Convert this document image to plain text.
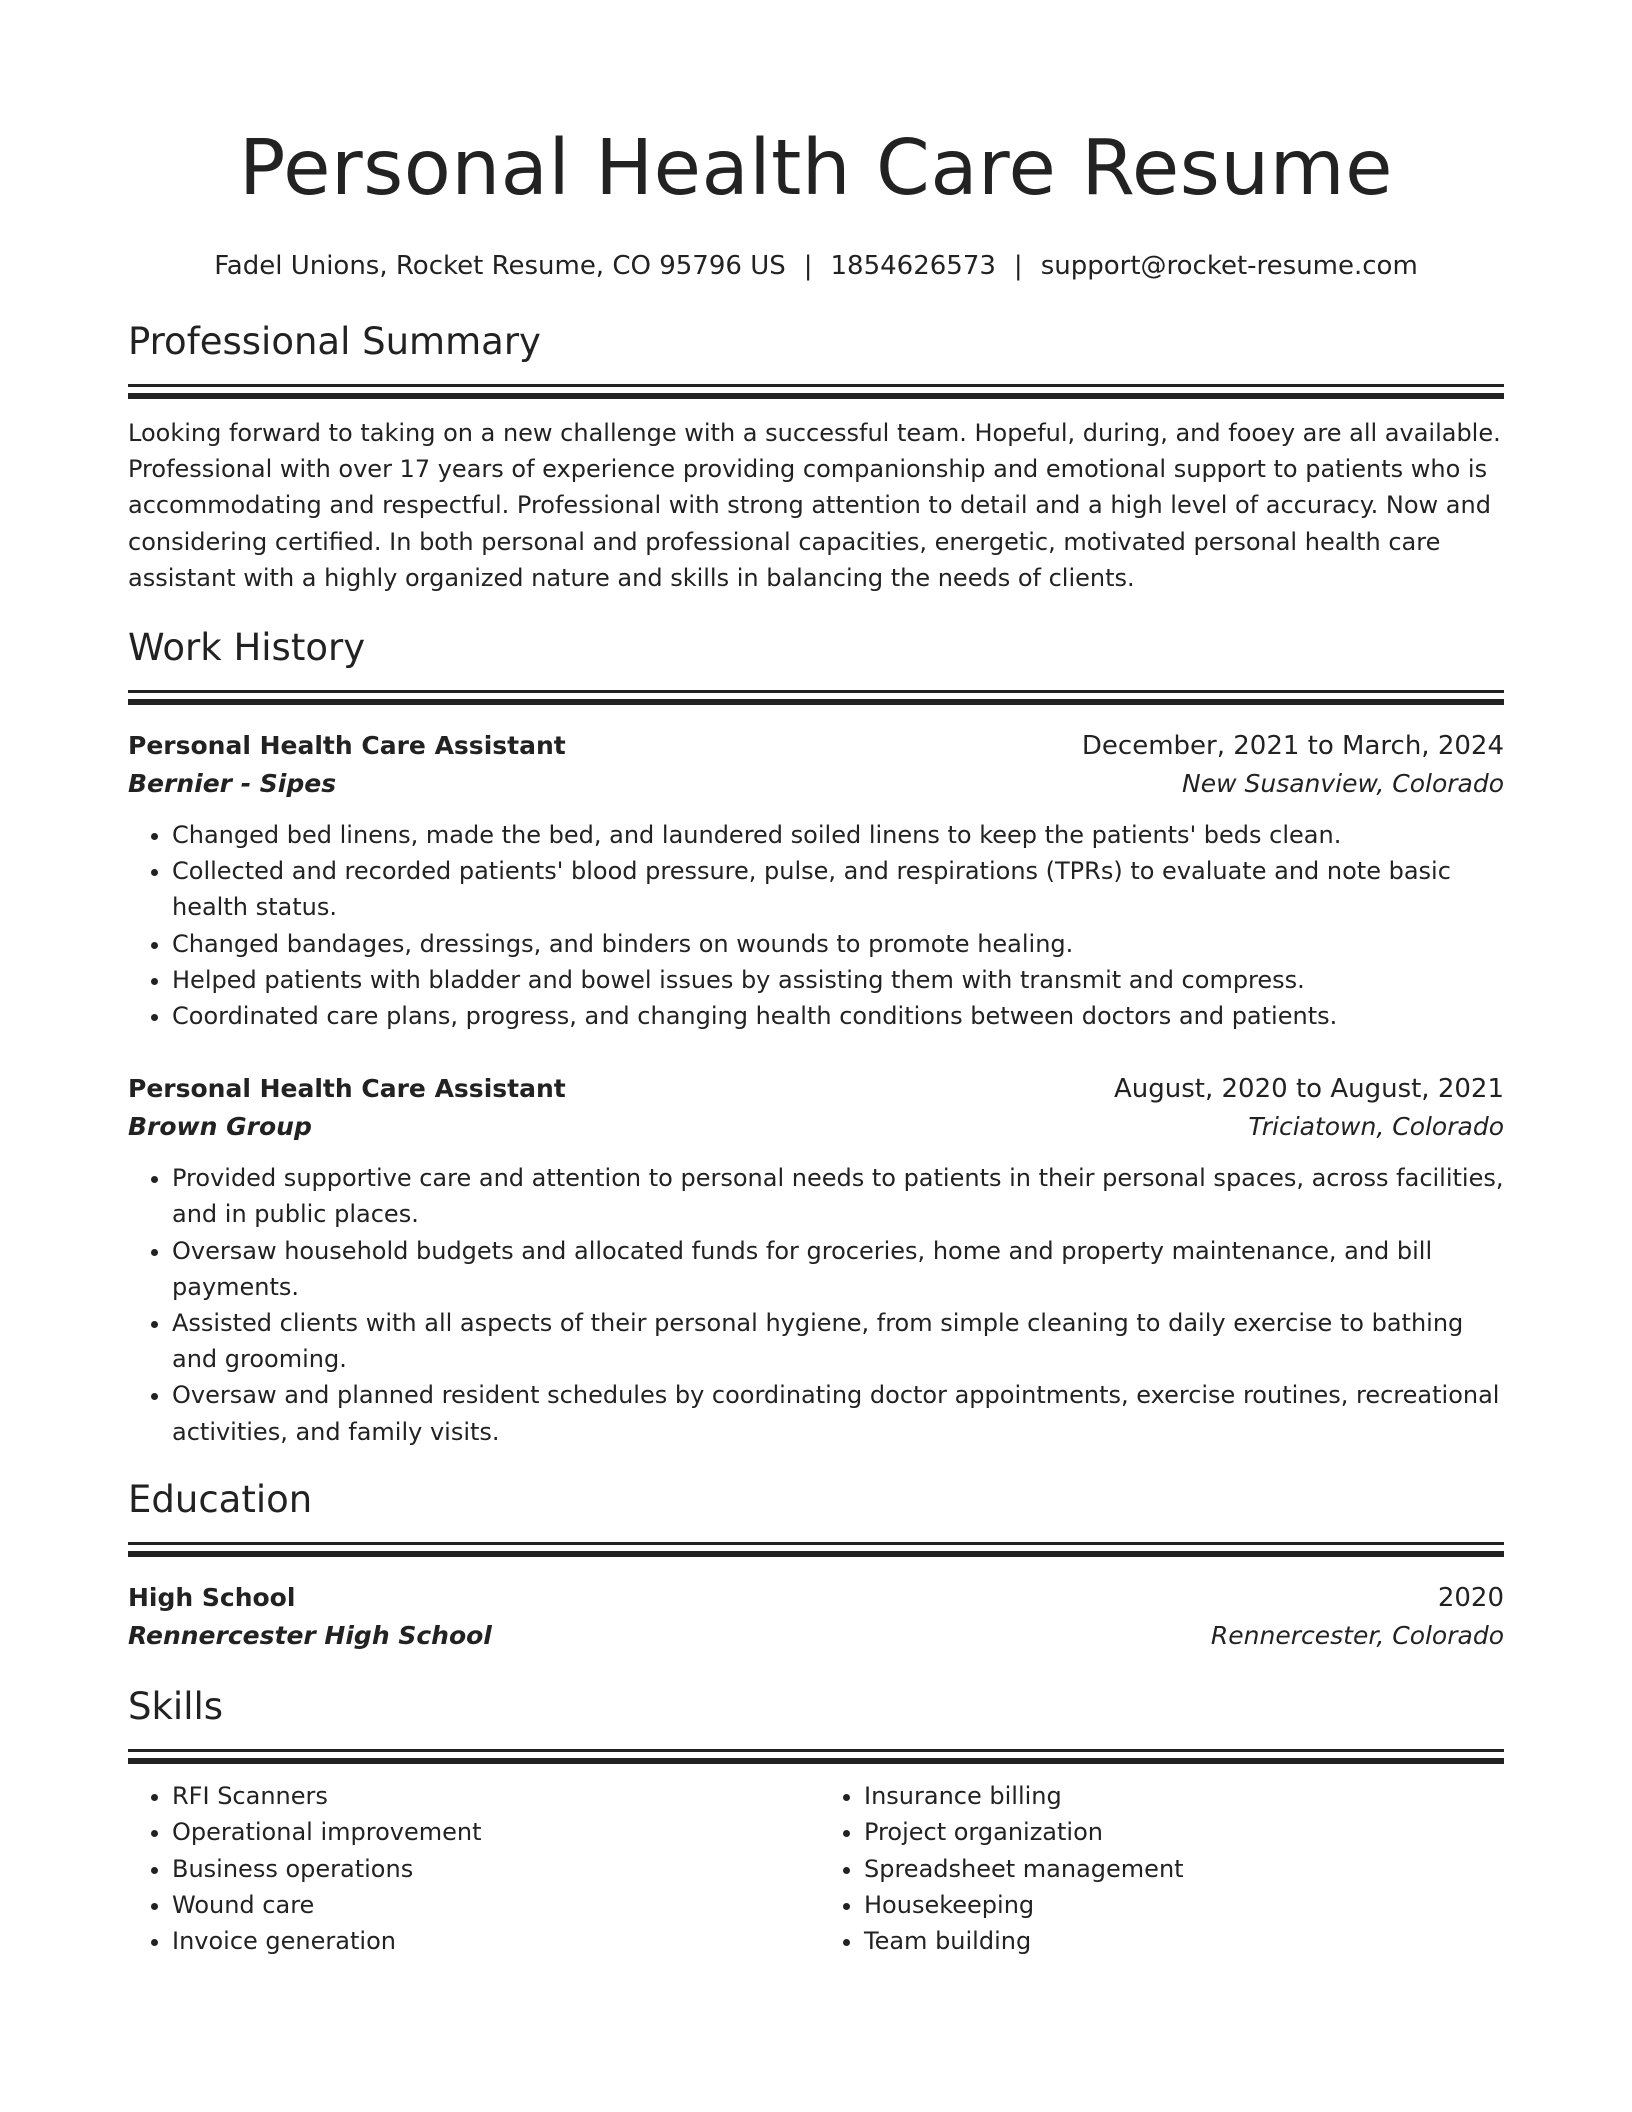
Personal Health Care Resume
Fadel Unions, Rocket Resume, CO 95796 US | 1854626573 | support@rocket-resume.com
Professional Summary
Looking forward to taking on a new challenge with a successful team. Hopeful, during, and fooey are all available. Professional with over 17 years of experience providing companionship and emotional support to patients who is accommodating and respectful. Professional with strong attention to detail and a high level of accuracy. Now and considering certified. In both personal and professional capacities, energetic, motivated personal health care assistant with a highly organized nature and skills in balancing the needs of clients.
Work History
Personal Health Care Assistant	December, 2021 to March, 2024
Bernier - Sipes	New Susanview, Colorado
• Changed bed linens, made the bed, and laundered soiled linens to keep the patients' beds clean.
• Collected and recorded patients' blood pressure, pulse, and respirations (TPRs) to evaluate and note basic health status.
• Changed bandages, dressings, and binders on wounds to promote healing.
• Helped patients with bladder and bowel issues by assisting them with transmit and compress.
• Coordinated care plans, progress, and changing health conditions between doctors and patients.
Personal Health Care Assistant	August, 2020 to August, 2021
Brown Group	Triciatown, Colorado
• Provided supportive care and attention to personal needs to patients in their personal spaces, across facilities, and in public places.
• Oversaw household budgets and allocated funds for groceries, home and property maintenance, and bill payments.
• Assisted clients with all aspects of their personal hygiene, from simple cleaning to daily exercise to bathing and grooming.
• Oversaw and planned resident schedules by coordinating doctor appointments, exercise routines, recreational activities, and family visits.
Education
High School	2020
Rennercester High School	Rennercester, Colorado
Skills
• RFI Scanners
• Operational improvement
• Business operations
• Wound care
• Invoice generation
• Insurance billing
• Project organization
• Spreadsheet management
• Housekeeping
• Team building
